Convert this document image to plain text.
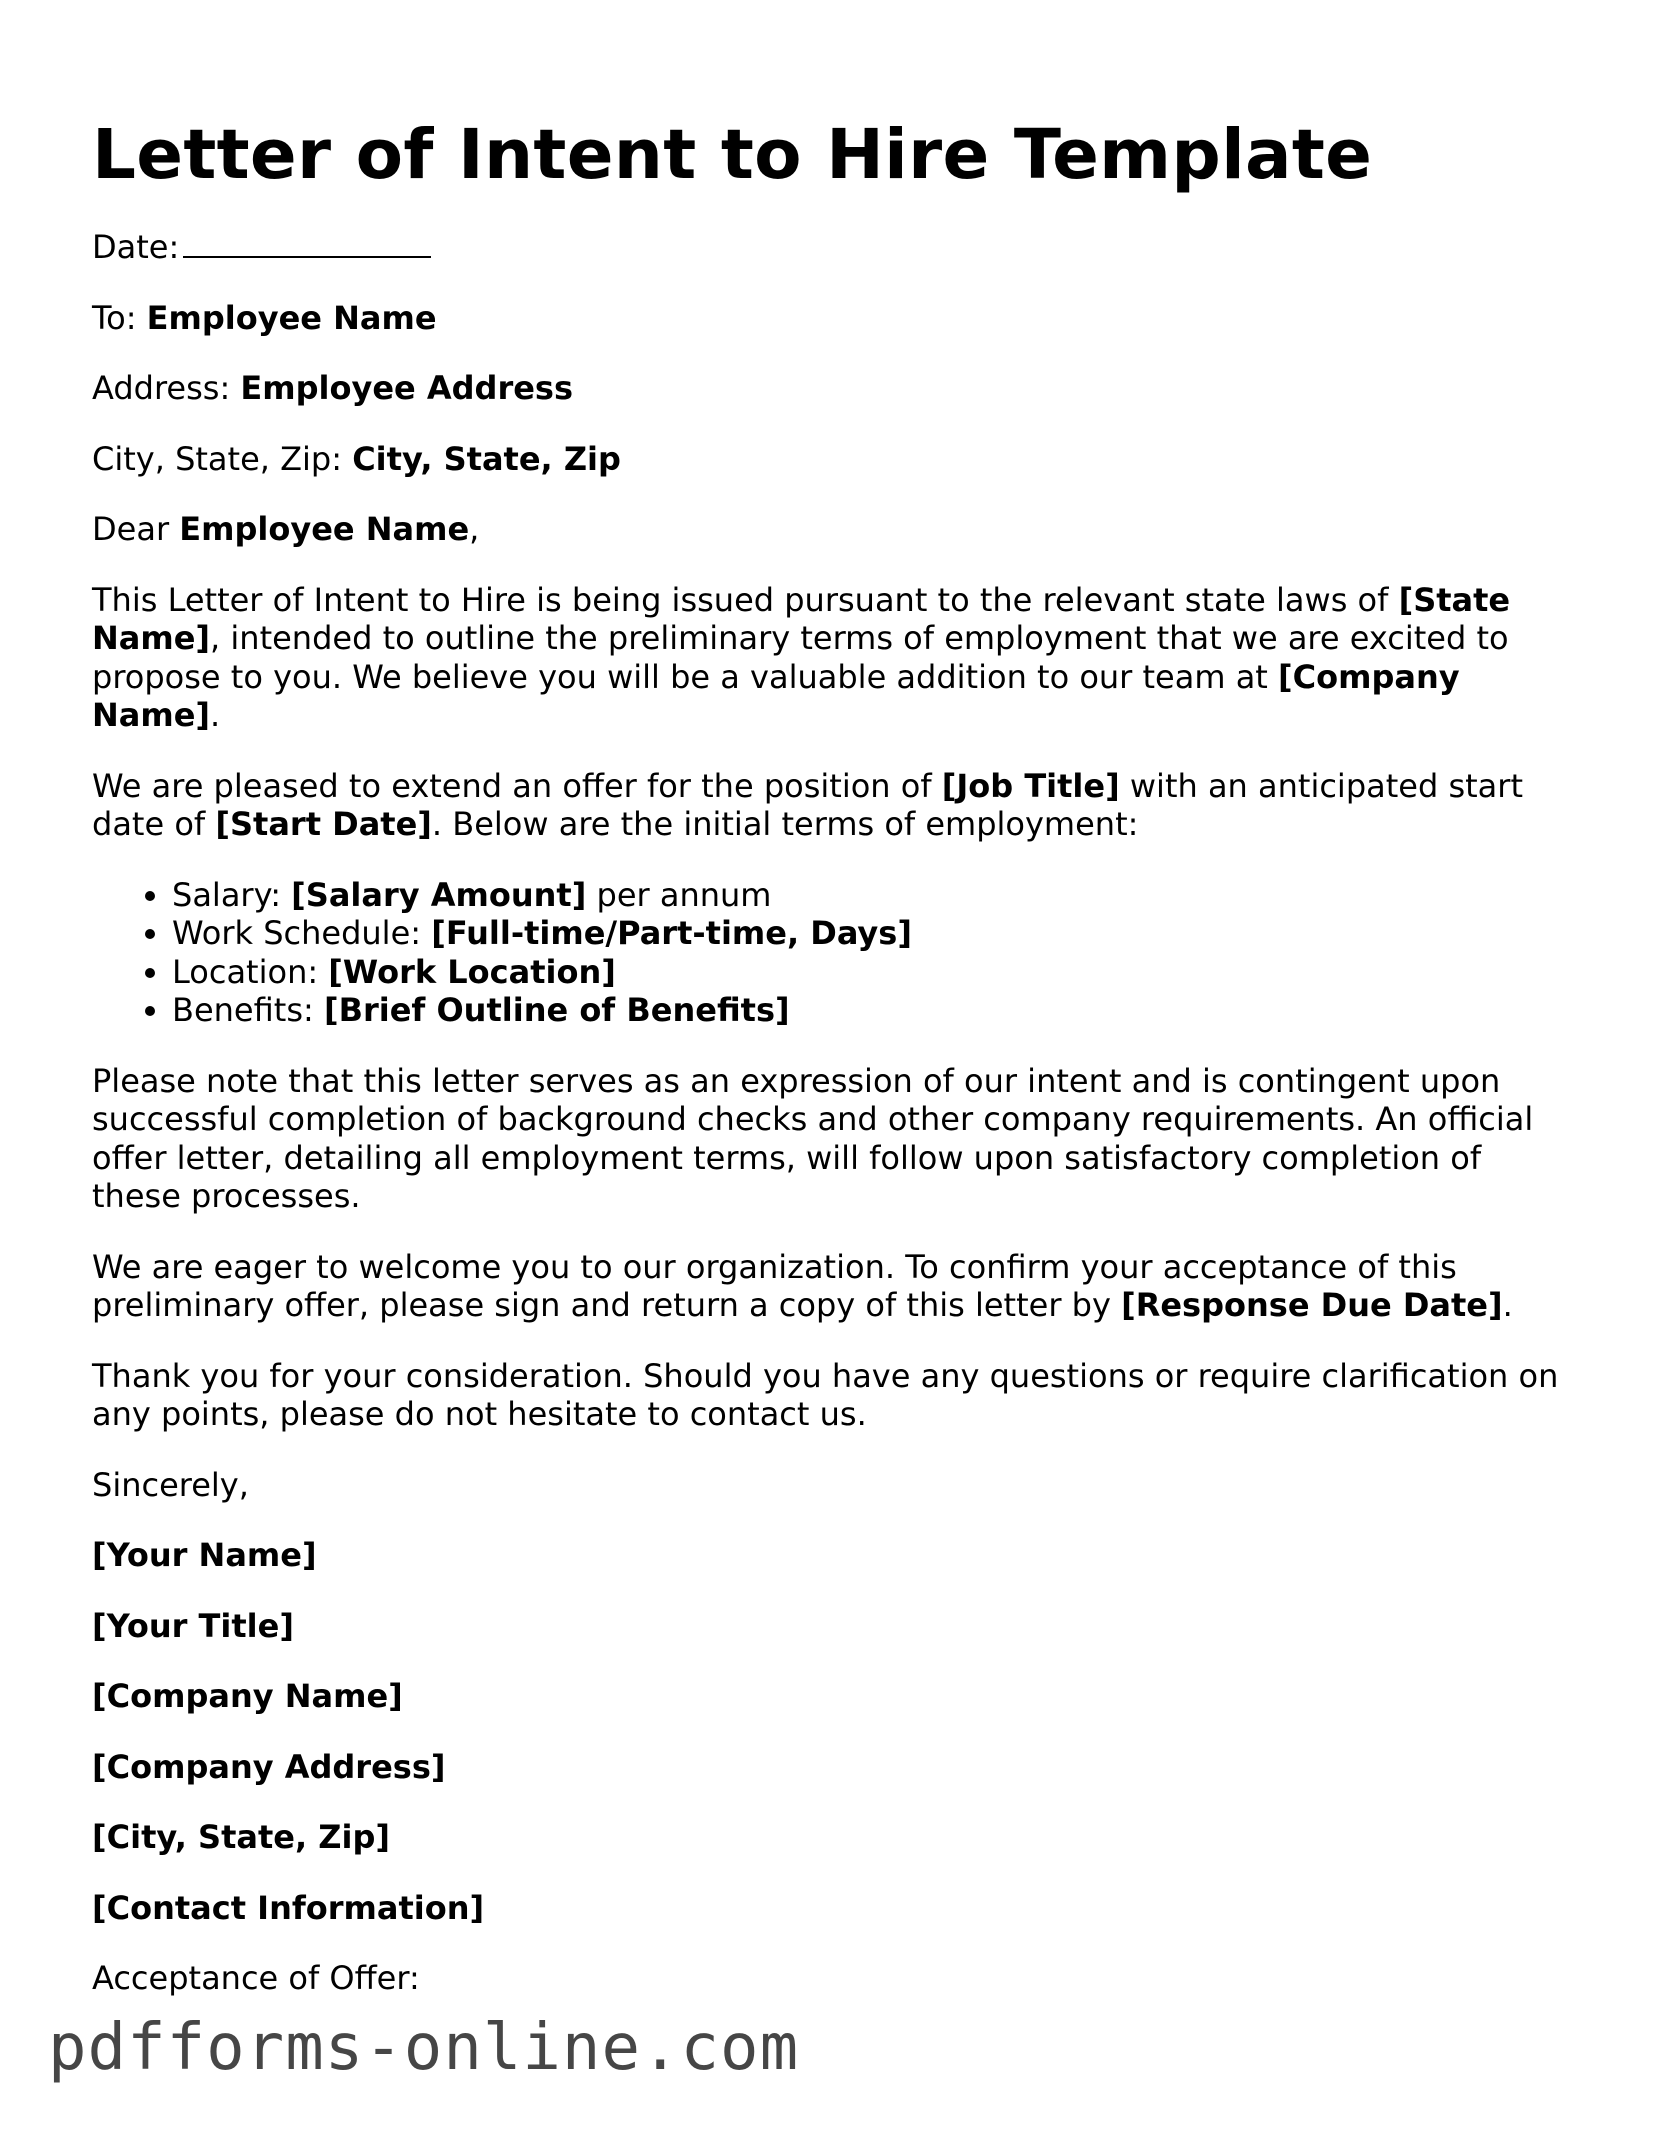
Letter of Intent to Hire Template

Date:

To: Employee Name

Address: Employee Address

City, State, Zip: City, State, Zip

Dear Employee Name,

This Letter of Intent to Hire is being issued pursuant to the relevant state laws of [State Name], intended to outline the preliminary terms of employment that we are excited to propose to you. We believe you will be a valuable addition to our team at [Company Name].

We are pleased to extend an offer for the position of [Job Title] with an anticipated start date of [Start Date]. Below are the initial terms of employment:

• Salary: [Salary Amount] per annum
• Work Schedule: [Full-time/Part-time, Days]
• Location: [Work Location]
• Benefits: [Brief Outline of Benefits]

Please note that this letter serves as an expression of our intent and is contingent upon successful completion of background checks and other company requirements. An official offer letter, detailing all employment terms, will follow upon satisfactory completion of these processes.

We are eager to welcome you to our organization. To confirm your acceptance of this preliminary offer, please sign and return a copy of this letter by [Response Due Date].

Thank you for your consideration. Should you have any questions or require clarification on any points, please do not hesitate to contact us.

Sincerely,

[Your Name]

[Your Title]

[Company Name]

[Company Address]

[City, State, Zip]

[Contact Information]

Acceptance of Offer:

pdfforms-online.com
